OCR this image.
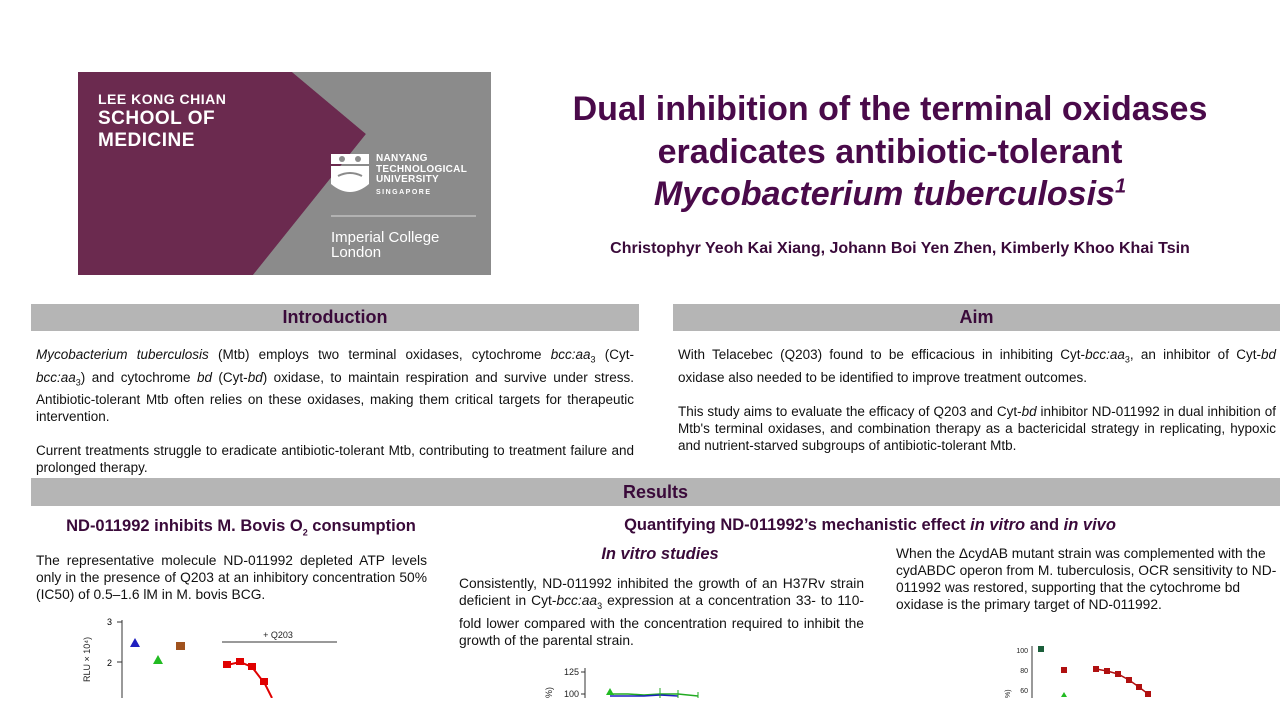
LEE KONG CHIAN
SCHOOL OF
MEDICINE
NANYANG
TECHNOLOGICAL
UNIVERSITY
SINGAPORE
Imperial College
London
Dual inhibition of the terminal oxidases
eradicates antibiotic-tolerant
Mycobacterium tuberculosis$^1$
Christophyr Yeoh Kai Xiang, Johann Boi Yen Zhen, Kimberly Khoo Khai Tsin
Introduction

Mycobacterium tuberculosis (Mtb) employs two terminal oxidases, cytochrome $bcc:aa_3$ $(Cyt-bcc:aa_3)$ and cytochrome bd (Cyt-bd) oxidase, to maintain respiration and survive under stress. Antibiotic-tolerant Mtb often relies on these oxidases, making them critical targets for therapeutic intervention.

Current treatments struggle to eradicate antibiotic-tolerant Mtb, contributing to treatment failure and prolonged therapy.

Aim

With Telacebec (Q203) found to be efficacious in inhibiting Cyt-$bcc:aa_3$, an inhibitor of Cyt-bd oxidase also needed to be identified to improve treatment outcomes.

This study aims to evaluate the efficacy of Q203 and Cyt-bd inhibitor ND-011992 in dual inhibition of Mtb's terminal oxidases, and combination therapy as a bactericidal strategy in replicating, hypoxic and nutrient-starved subgroups of antibiotic-tolerant Mtb.

Results
ND-011992 inhibits M. Bovis $O_2$ consumption
The representative molecule ND-011992 depleted ATP levels only in the presence of Q203 at an inhibitory concentration 50% (IC50) of 0.5–1.6 lM in M. bovis BCG.
Quantifying ND-011992’s mechanistic effect in vitro and in vivo
In vitro studies
Consistently, ND-011992 inhibited the growth of an H37Rv strain deficient in Cyt-$bcc:aa_3$ expression at a concentration 33- to 110-fold lower compared with the concentration required to inhibit the growth of the parental strain.
When the ΔcydAB mutant strain was complemented with the cydABDC operon from M. tuberculosis, OCR sensitivity to ND-011992 was restored, supporting that the cytochrome bd oxidase is the primary target of ND-011992.
3
2
RLU × 10⁴)
+ Q203
125
100
%)
100
80
60
%)
